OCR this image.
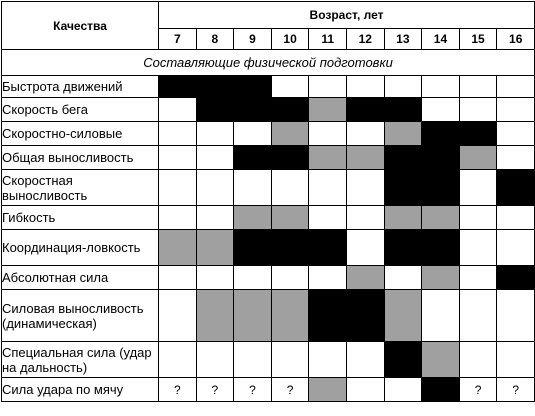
Качества	Возраст, лет									
	7	8	9	10	11	12	13	14	15	16
Составляющие физической подготовки										
Быстрота движений										
Скорость бега										
Скоростно-силовые										
Общая выносливость										
Скоростная выносливость										
Гибкость										
Координация-ловкость										
Абсолютная сила										
Силовая выносливость (динамическая)										
Специальная сила (удар на дальность)										
Сила удара по мячу	?	?	?	?					?	?
